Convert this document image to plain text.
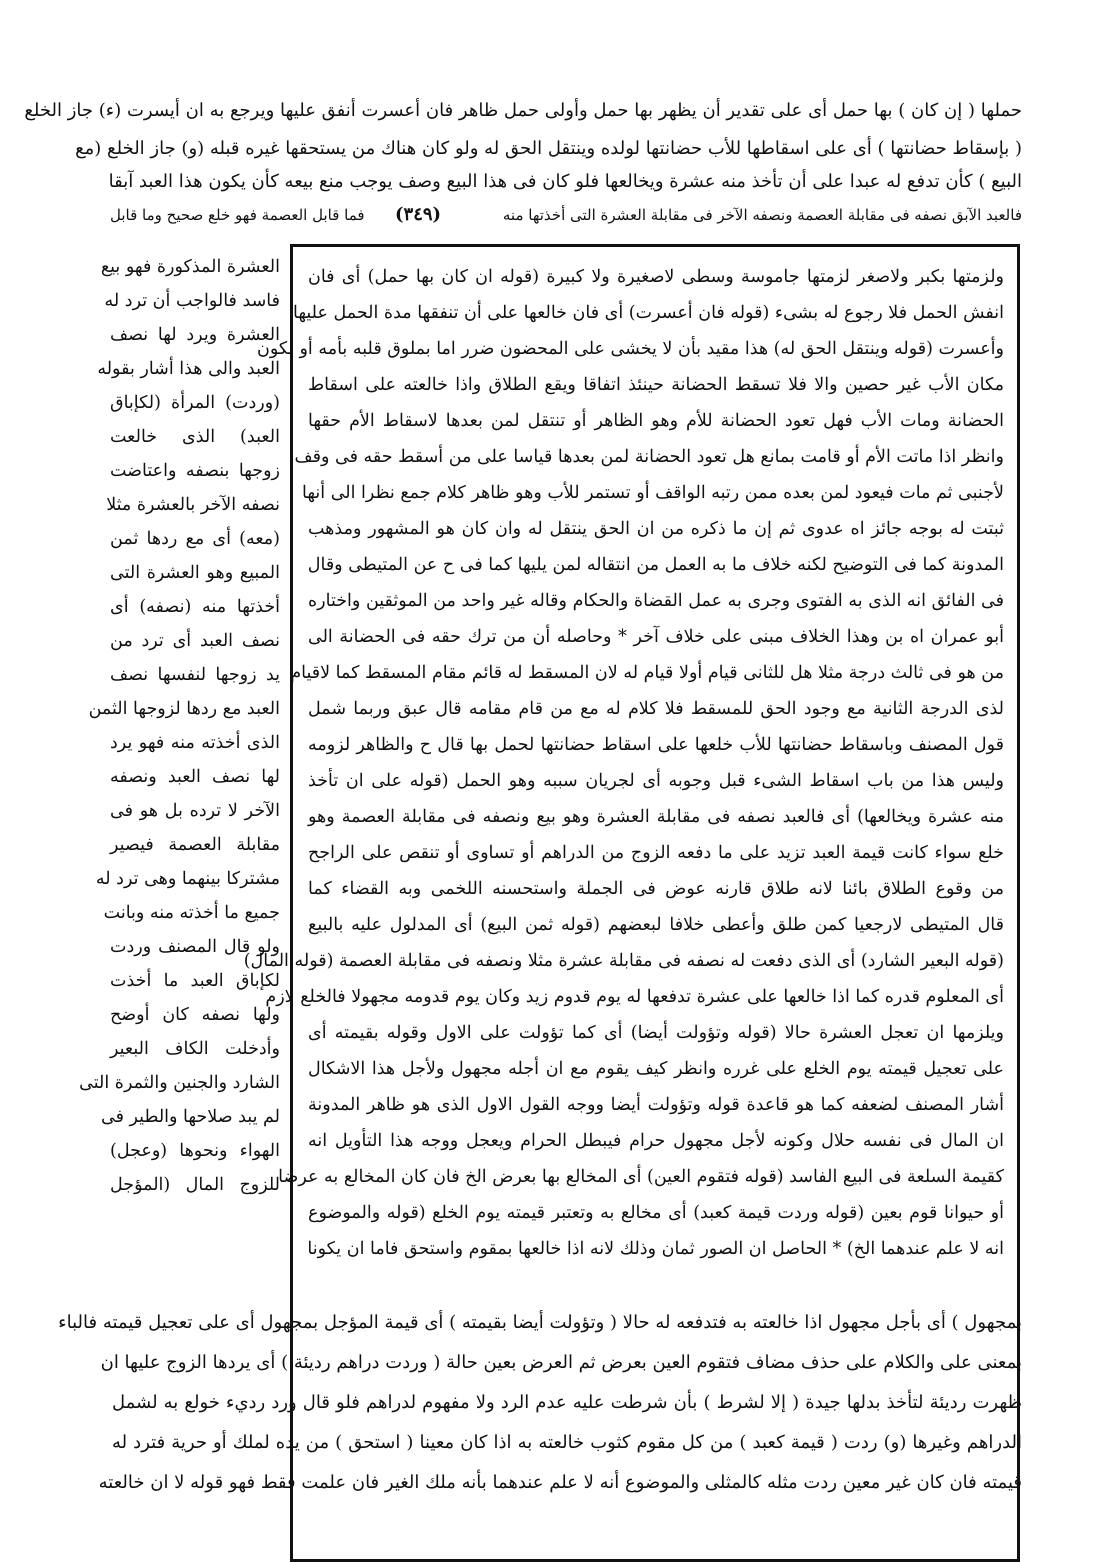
حملها ( إن كان ) بها حمل أى على تقدير أن يظهر بها حمل وأولى حمل ظاهر فان أعسرت أنفق عليها ويرجع به ان أيسرت (ء) جاز الخلع
( بإسقاط حضانتها ) أى على اسقاطها للأب حضانتها لولده وينتقل الحق له ولو كان هناك من يستحقها غيره قبله (و) جاز الخلع (مع
البيع ) كأن تدفع له عبدا على أن تأخذ منه عشرة ويخالعها فلو كان فى هذا البيع وصف يوجب منع بيعه كأن يكون هذا العبد آبقا
فالعبد الآبق نصفه فى مقابلة العصمة ونصفه الآخر فى مقابلة العشرة التى أخذتها منه
فما قابل العصمة فهو خلع صحيح وما قابل (٣٤٩)
ولزمتها بكبر ولاصغر لزمتها جاموسة وسطى لاصغيرة ولا كبيرة (قوله ان كان بها حمل) أى فان
انفش الحمل فلا رجوع له بشىء (قوله فان أعسرت) أى فان خالعها على أن تنفقها مدة الحمل عليها
وأعسرت (قوله وينتقل الحق له) هذا مقيد بأن لا يخشى على المحضون ضرر اما بملوق قلبه بأمه أو لكون
مكان الأب غير حصين والا فلا تسقط الحضانة حينئذ اتفاقا ويقع الطلاق واذا خالعته على اسقاط
الحضانة ومات الأب فهل تعود الحضانة للأم وهو الظاهر أو تنتقل لمن بعدها لاسقاط الأم حقها
وانظر اذا ماتت الأم أو قامت بمانع هل تعود الحضانة لمن بعدها قياسا على من أسقط حقه فى وقف
لأجنبى ثم مات فيعود لمن بعده ممن رتبه الواقف أو تستمر للأب وهو ظاهر كلام جمع نظرا الى أنها
ثبتت له بوجه جائز اه عدوى ثم إن ما ذكره من ان الحق ينتقل له وان كان هو المشهور ومذهب
المدونة كما فى التوضيح لكنه خلاف ما به العمل من انتقاله لمن يليها كما فى ح عن المتيطى وقال
فى الفائق انه الذى به الفتوى وجرى به عمل القضاة والحكام وقاله غير واحد من الموثقين واختاره
أبو عمران اه بن وهذا الخلاف مبنى على خلاف آخر * وحاصله أن من ترك حقه فى الحضانة الى
من هو فى ثالث درجة مثلا هل للثانى قيام أولا قيام له لان المسقط له قائم مقام المسقط كما لاقيام
لذى الدرجة الثانية مع وجود الحق للمسقط فلا كلام له مع من قام مقامه قال عبق وربما شمل
قول المصنف وباسقاط حضانتها للأب خلعها على اسقاط حضانتها لحمل بها قال ح والظاهر لزومه
وليس هذا من باب اسقاط الشىء قبل وجوبه أى لجريان سببه وهو الحمل (قوله على ان تأخذ
منه عشرة ويخالعها) أى فالعبد نصفه فى مقابلة العشرة وهو بيع ونصفه فى مقابلة العصمة وهو
خلع سواء كانت قيمة العبد تزيد على ما دفعه الزوج من الدراهم أو تساوى أو تنقص على الراجح
من وقوع الطلاق بائنا لانه طلاق قارنه عوض فى الجملة واستحسنه اللخمى وبه القضاء كما
قال المتيطى لارجعيا كمن طلق وأعطى خلافا لبعضهم (قوله ثمن البيع) أى المدلول عليه بالبيع
(قوله البعير الشارد) أى الذى دفعت له نصفه فى مقابلة عشرة مثلا ونصفه فى مقابلة العصمة (قوله المال)
أى المعلوم قدره كما اذا خالعها على عشرة تدفعها له يوم قدوم زيد وكان يوم قدومه مجهولا فالخلع لازم
ويلزمها ان تعجل العشرة حالا (قوله وتؤولت أيضا) أى كما تؤولت على الاول وقوله بقيمته أى
على تعجيل قيمته يوم الخلع على غرره وانظر كيف يقوم مع ان أجله مجهول ولأجل هذا الاشكال
أشار المصنف لضعفه كما هو قاعدة قوله وتؤولت أيضا ووجه القول الاول الذى هو ظاهر المدونة
ان المال فى نفسه حلال وكونه لأجل مجهول حرام فيبطل الحرام ويعجل ووجه هذا التأويل انه
كقيمة السلعة فى البيع الفاسد (قوله فتقوم العين) أى المخالع بها بعرض الخ فان كان المخالع به عرضا
أو حيوانا قوم بعين (قوله وردت قيمة كعبد) أى مخالع به وتعتبر قيمته يوم الخلع (قوله والموضوع
انه لا علم عندهما الخ) * الحاصل ان الصور ثمان وذلك لانه اذا خالعها بمقوم واستحق فاما ان يكونا
العشرة المذكورة فهو بيع
فاسد فالواجب أن ترد له
العشرة ويرد لها نصف
العبد والى هذا أشار بقوله
(وردت) المرأة (لكإباق
العبد) الذى خالعت
زوجها بنصفه واعتاضت
نصفه الآخر بالعشرة مثلا
(معه) أى مع ردها ثمن
المبيع وهو العشرة التى
أخذتها منه (نصفه) أى
نصف العبد أى ترد من
يد زوجها لنفسها نصف
العبد مع ردها لزوجها الثمن
الذى أخذته منه فهو يرد
لها نصف العبد ونصفه
الآخر لا ترده بل هو فى
مقابلة العصمة فيصير
مشتركا بينهما وهى ترد له
جميع ما أخذته منه وبانت
ولو قال المصنف وردت
لكإباق العبد ما أخذت
ولها نصفه كان أوضح
وأدخلت الكاف البعير
الشارد والجنين والثمرة التى
لم يبد صلاحها والطير فى
الهواء ونحوها (وعجل)
للزوج المال (المؤجل
بمجهول ) أى بأجل مجهول اذا خالعته به فتدفعه له حالا ( وتؤولت أيضا بقيمته ) أى قيمة المؤجل بمجهول أى على تعجيل قيمته فالباء
بمعنى على والكلام على حذف مضاف فتقوم العين بعرض ثم العرض بعين حالة ( وردت دراهم رديئة ) أى يردها الزوج عليها ان
ظهرت رديئة لتأخذ بدلها جيدة ( إلا لشرط ) بأن شرطت عليه عدم الرد ولا مفهوم لدراهم فلو قال ورد رديء خولع به لشمل
الدراهم وغيرها (و) ردت ( قيمة كعبد ) من كل مقوم كثوب خالعته به اذا كان معينا ( استحق ) من يده لملك أو حرية فترد له
قيمته فان كان غير معين ردت مثله كالمثلى والموضوع أنه لا علم عندهما بأنه ملك الغير فان علمت فقط فهو قوله لا ان خالعته
